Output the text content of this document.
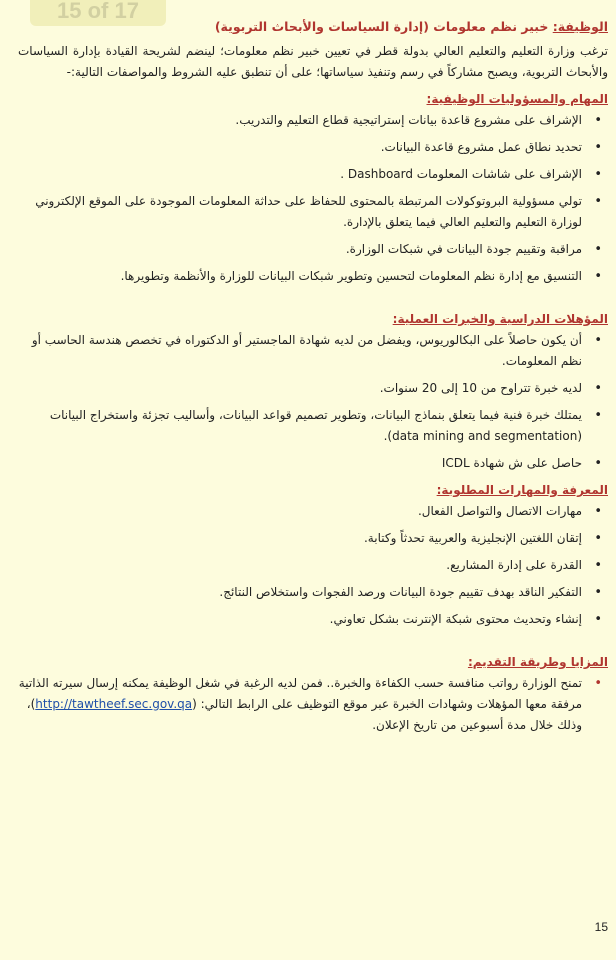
15 of 17

الوظيفة: خبير نظم معلومات (إدارة السياسات والأبحاث التربوية)

ترغب وزارة التعليم والتعليم العالي بدولة قطر في تعيين خبير نظم معلومات؛ لينضم لشريحة القيادة بإدارة السياسات والأبحاث التربوية، ويصبح مشاركاً في رسم وتنفيذ سياساتها؛ على أن تنطبق عليه الشروط والمواصفات التالية:-

المهام والمسؤوليات الوظيفية:

• الإشراف على مشروع قاعدة بيانات إستراتيجية قطاع التعليم والتدريب.
• تحديد نطاق عمل مشروع قاعدة البيانات.
• الإشراف على شاشات المعلومات Dashboard .
• تولي مسؤولية البروتوكولات المرتبطة بالمحتوى للحفاظ على حداثة المعلومات الموجودة على الموقع الإلكتروني لوزارة التعليم والتعليم العالي فيما يتعلق بالإدارة.
• مراقبة وتقييم جودة البيانات في شبكات الوزارة.
• التنسيق مع إدارة نظم المعلومات لتحسين وتطوير شبكات البيانات للوزارة والأنظمة وتطويرها.

المؤهلات الدراسية والخبرات العملية:

• أن يكون حاصلاً على البكالوريوس، ويفضل من لديه شهادة الماجستير أو الدكتوراه في تخصص هندسة الحاسب أو نظم المعلومات.
• لديه خبرة تتراوح من 10 إلى 20 سنوات.
• يمتلك خبرة فنية فيما يتعلق بنماذج البيانات، وتطوير تصميم قواعد البيانات، وأساليب تجزئة واستخراج البيانات (data mining and segmentation).
• حاصل على ش شهادة ICDL

المعرفة والمهارات المطلوبة:

• مهارات الاتصال والتواصل الفعال.
• إتقان اللغتين الإنجليزية والعربية تحدثاً وكتابة.
• القدرة على إدارة المشاريع.
• التفكير الناقد بهدف تقييم جودة البيانات ورصد الفجوات واستخلاص النتائج.
• إنشاء وتحديث محتوى شبكة الإنترنت بشكل تعاوني.

المزايا وطريقة التقديم:

• تمنح الوزارة رواتب منافسة حسب الكفاءة والخبرة.. فمن لديه الرغبة في شغل الوظيفة يمكنه إرسال سيرته الذاتية مرفقة معها المؤهلات وشهادات الخبرة عبر موقع التوظيف على الرابط التالي: (http://tawtheef.sec.gov.qa)، وذلك خلال مدة أسبوعين من تاريخ الإعلان.
15
